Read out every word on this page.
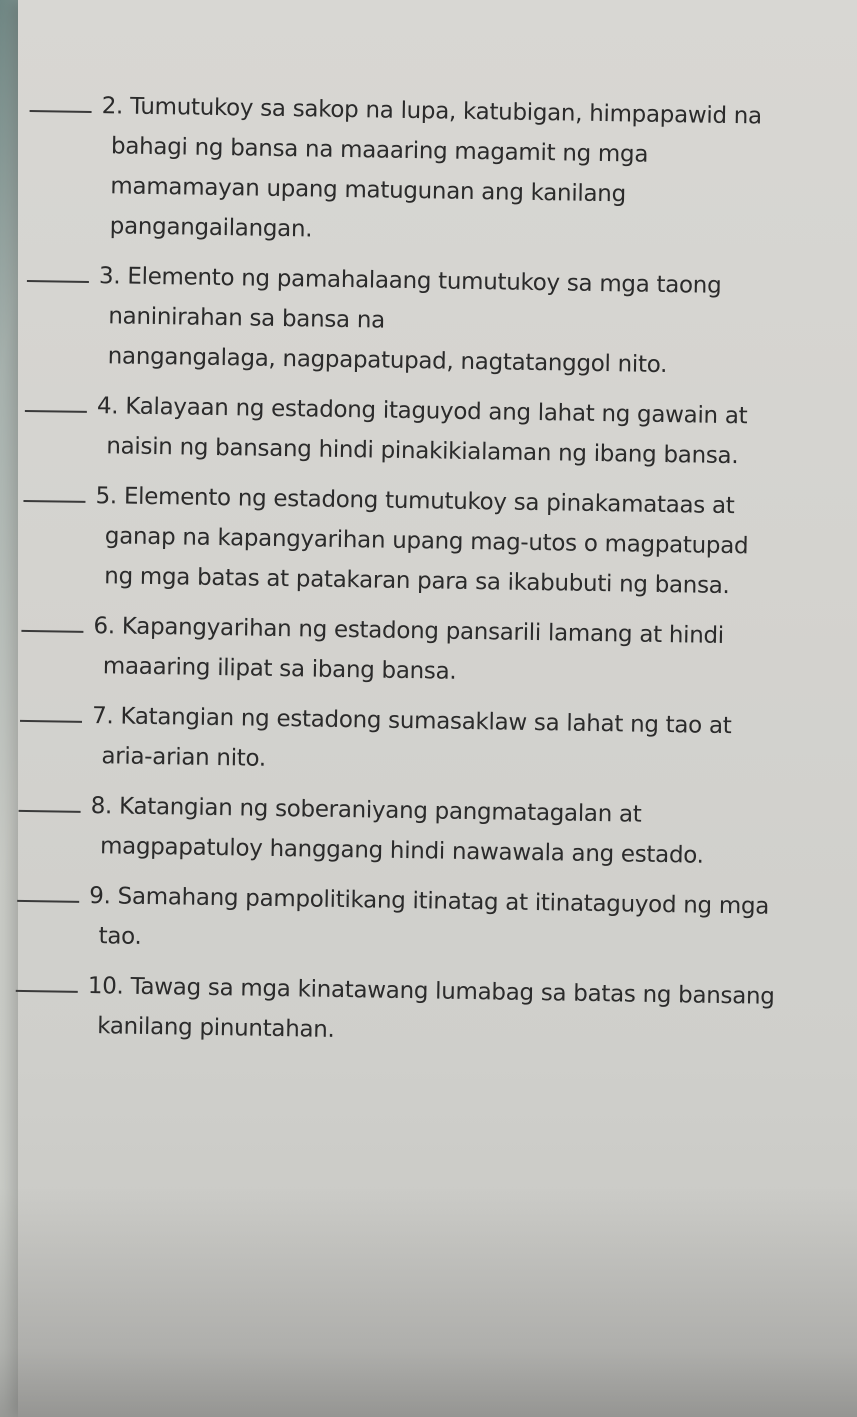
2. Tumutukoy sa sakop na lupa, katubigan, himpapawid na
bahagi ng bansa na maaaring magamit ng mga
mamamayan upang matugunan ang kanilang
pangangailangan.
3. Elemento ng pamahalaang tumutukoy sa mga taong
naninirahan sa bansa na
nangangalaga, nagpapatupad, nagtatanggol nito.
4. Kalayaan ng estadong itaguyod ang lahat ng gawain at
naisin ng bansang hindi pinakikialaman ng ibang bansa.
5. Elemento ng estadong tumutukoy sa pinakamataas at
ganap na kapangyarihan upang mag-utos o magpatupad
ng mga batas at patakaran para sa ikabubuti ng bansa.
6. Kapangyarihan ng estadong pansarili lamang at hindi
maaaring ilipat sa ibang bansa.
7. Katangian ng estadong sumasaklaw sa lahat ng tao at
aria-arian nito.
8. Katangian ng soberaniyang pangmatagalan at
magpapatuloy hanggang hindi nawawala ang estado.
9. Samahang pampolitikang itinatag at itinataguyod ng mga
tao.
10. Tawag sa mga kinatawang lumabag sa batas ng bansang
kanilang pinuntahan.
